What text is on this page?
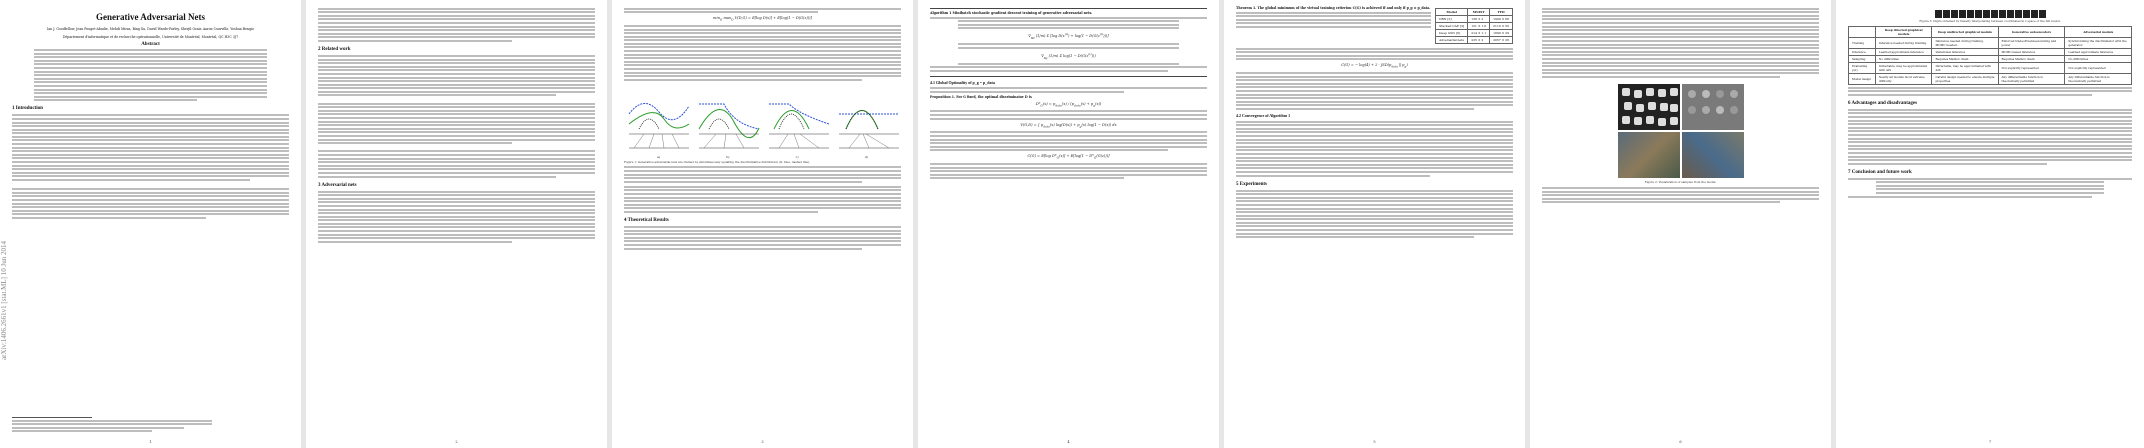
arXiv:1406.2661v1 [stat.ML] 10 Jun 2014
Generative Adversarial Nets
Ian J. Goodfellow, Jean Pouget-Abadie, Mehdi Mirza, Bing Xu, David Warde-Farley, Sherjil Ozair, Aaron Courville, Yoshua Bengio
Département d'informatique et de recherche opérationnelle, Université de Montréal, Montréal, QC H3C 3J7
Abstract
1 Introduction
1
2 Related work
3 Adversarial nets
2
$\min_G \max_D V(D,G) = E[\log$ D(x)] + E[log(1 − D(G(z)))]
a)	b)	c)	d)
Figure 1: Generative adversarial nets are trained by simultaneously updating the discriminative distribution (D, blue, dashed line).
4 Theoretical Results
3
Algorithm 1 Minibatch stochastic gradient descent training of generative adversarial nets.
$\nabla_{\theta d}$ (1/m) Σ [log $D(x^{(i)}) + \log(1 - D(G(z^{(i)})))$]
$\nabla_{\theta g}$ (1/m) Σ $\log(1 - D(G(z^{(i)})))$
4.1 Global Optimality of p_g = p_data
Proposition 1. For G fixed, the optimal discriminator D is
$D*_G(x) = p_{data}(x) / (p_{data}(x) + p_g(x))$
V(G,D) = ∫ $p_{data}(x) \log(D(x)) + p_g(x) \log(1 - D(x))$ dx
C(G) = E[log $D*_G(x)] + E[\log(1 - D*_G(G(z)))]$
4
Theorem 1. The global minimum of the virtual training criterion C(G) is achieved if and only if p_g = p_data.
Model	MNIST	TFD
DBN [3]	138 ± 2	1909 ± 66
Stacked CAE [3]	121 ± 1.6	2110 ± 50
Deep GSN [6]	214 ± 1.1	1890 ± 29
Adversarial nets	225 ± 2	2057 ± 26
C(G) = − $\log(4) + 2 \cdot JSD(p_{data}$ ‖ $p_g$)
4.2 Convergence of Algorithm 1
5 Experiments
5
Figure 2: Visualization of samples from the model.
6
Figure 3: Digits obtained by linearly interpolating between coordinates in z space of the full model.
	Deep directed graphical models	Deep undirected graphical models	Generative autoencoders	Adversarial models
Training	Inference needed during training.	Inference needed during training. MCMC needed.	Enforced tradeoff between mixing and power	Synchronizing the discriminator with the generator.
Inference	Learned approximate inference	Variational inference	MCMC-based inference	Learned approximate inference
Sampling	No difficulties	Requires Markov chain	Requires Markov chain	No difficulties
Evaluating p(x)	Intractable, may be approximated with AIS	Intractable, may be approximated with AIS	Not explicitly represented	Not explicitly represented
Model design	Nearly all models incur extreme difficulty	Careful design needed to ensure multiple properties	Any differentiable function is theoretically permitted	Any differentiable function is theoretically permitted
6 Advantages and disadvantages
7 Conclusion and future work
7
